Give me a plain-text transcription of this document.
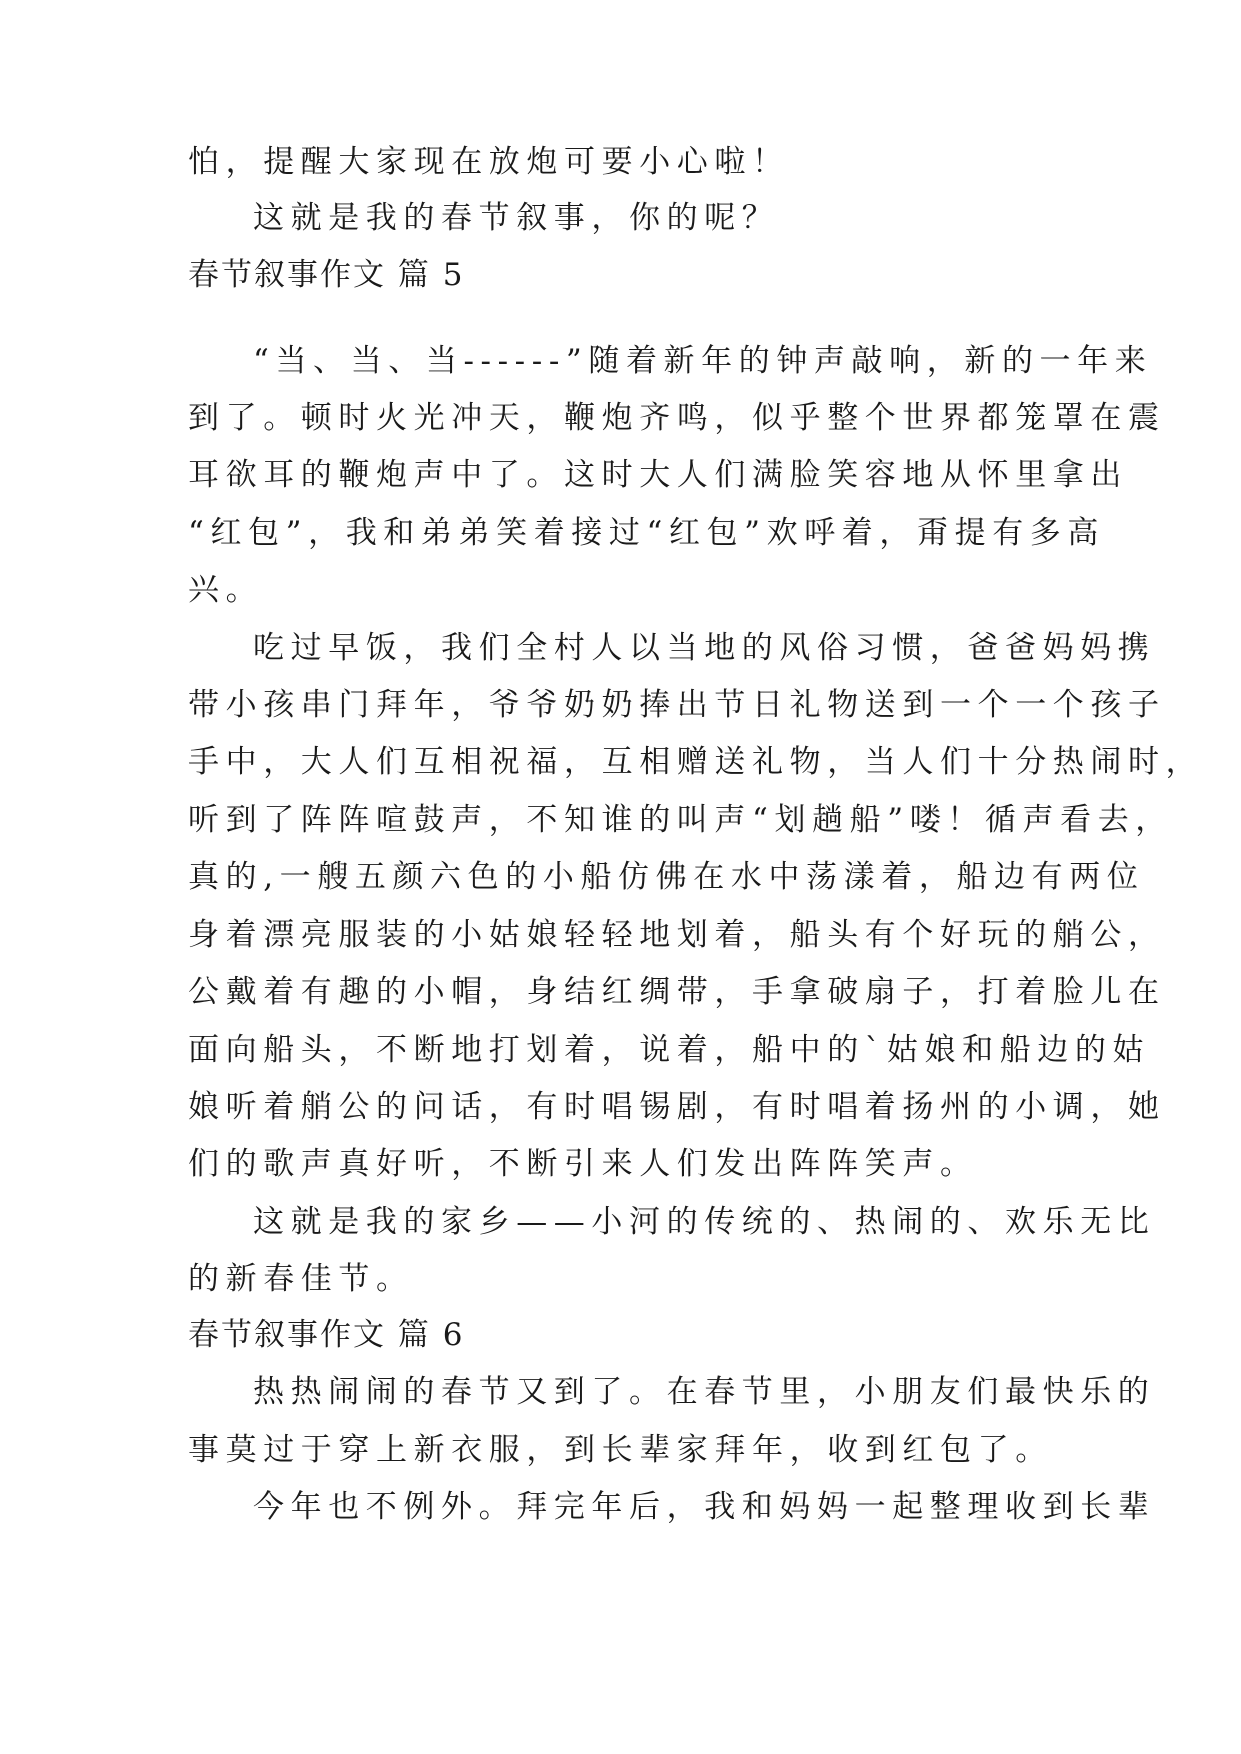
怕，提醒大家现在放炮可要小心啦！
这就是我的春节叙事，你的呢？
春节叙事作文 篇 5
“当、当、当------”随着新年的钟声敲响，新的一年来
到了。顿时火光冲天，鞭炮齐鸣，似乎整个世界都笼罩在震
耳欲耳的鞭炮声中了。这时大人们满脸笑容地从怀里拿出
“红包”，我和弟弟笑着接过“红包”欢呼着，甭提有多高
兴。
吃过早饭，我们全村人以当地的风俗习惯，爸爸妈妈携
带小孩串门拜年，爷爷奶奶捧出节日礼物送到一个一个孩子
手中，大人们互相祝福，互相赠送礼物，当人们十分热闹时，
听到了阵阵喧鼓声，不知谁的叫声“划趟船”喽！循声看去，
真的,一艘五颜六色的小船仿佛在水中荡漾着，船边有两位
身着漂亮服装的小姑娘轻轻地划着，船头有个好玩的艄公，
公戴着有趣的小帽，身结红绸带，手拿破扇子，打着脸儿在
面向船头，不断地打划着，说着，船中的`姑娘和船边的姑
娘听着艄公的问话，有时唱锡剧，有时唱着扬州的小调，她
们的歌声真好听，不断引来人们发出阵阵笑声。
这就是我的家乡——小河的传统的、热闹的、欢乐无比
的新春佳节。
春节叙事作文 篇 6
热热闹闹的春节又到了。在春节里，小朋友们最快乐的
事莫过于穿上新衣服，到长辈家拜年，收到红包了。
今年也不例外。拜完年后，我和妈妈一起整理收到长辈
